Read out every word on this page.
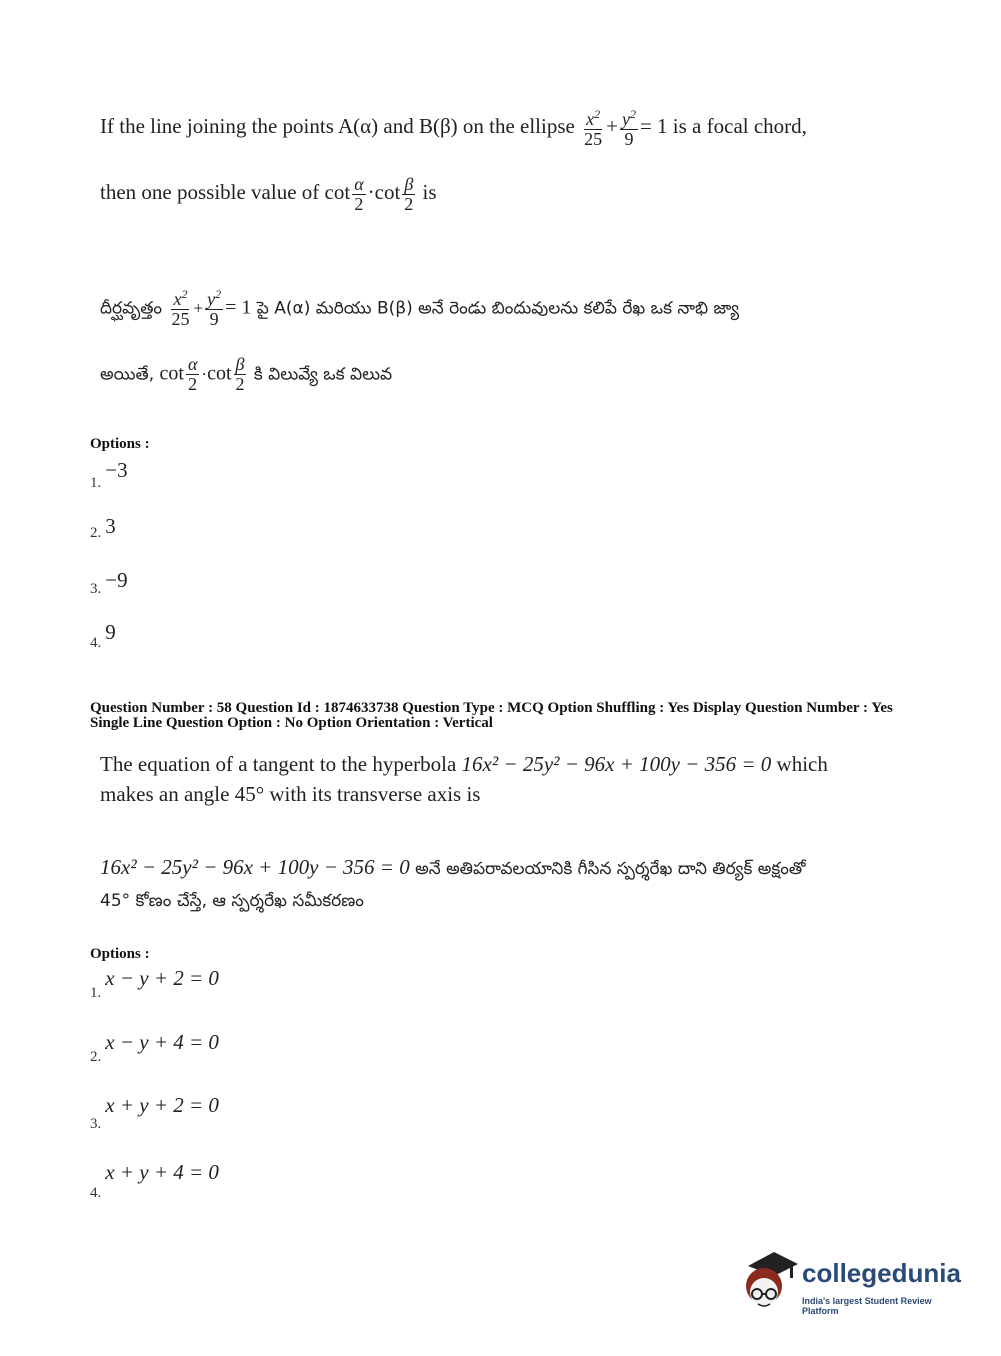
If the line joining the points A(α) and B(β) on the ellipse $\frac{x^2}{25} + \frac{y^2}{9} = 1$ is a focal chord,
then one possible value of $\cot \frac{\alpha}{2} \cdot\cot \frac{\beta}{2}$ is
దీర్ఘవృత్తం $\frac{x^2}{25} + \frac{y^2}{9} = 1$ పై A(α) మరియు B(β) అనే రెండు బిందువులను కలిపే రేఖ ఒక నాభి జ్యా
అయితే, $\cot \frac{\alpha}{2} \cdot\cot \frac{\beta}{2}$ కి విలువ్యే ఒక విలువ
Options :
1. −3
2. 3
3. −9
4. 9
Question Number : 58 Question Id : 1874633738 Question Type : MCQ Option Shuffling : Yes Display Question Number : Yes
Single Line Question Option : No Option Orientation : Vertical
The equation of a tangent to the hyperbola 16x² − 25y² − 96x + 100y − 356 = 0 which
makes an angle 45° with its transverse axis is
16x² − 25y² − 96x + 100y − 356 = 0 అనే అతిపరావలయానికి గీసిన స్పర్శరేఖ దాని తిర్యక్ అక్షంతో
45° కోణం చేస్తే, ఆ స్పర్శరేఖ సమీకరణం
Options :
1. x − y + 2 = 0
2. x − y + 4 = 0
3. x + y + 2 = 0
4. x + y + 4 = 0
collegedunia
India's largest Student Review Platform
